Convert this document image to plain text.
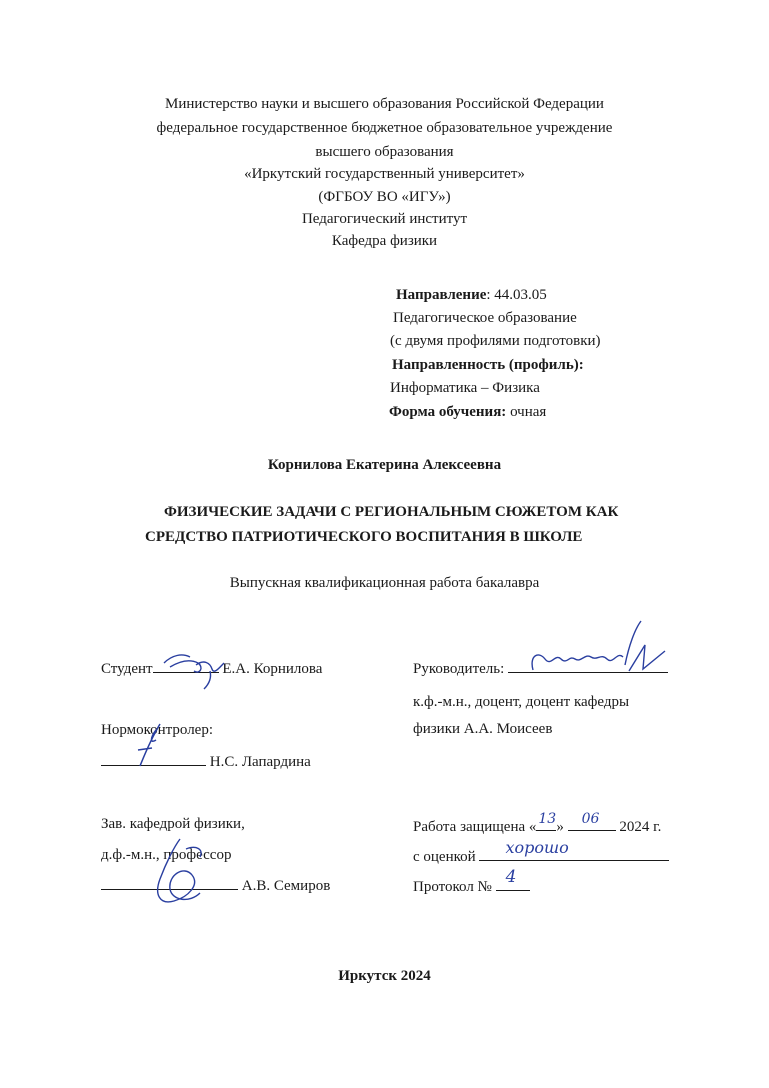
Министерство науки и высшего образования Российской Федерации
федеральное государственное бюджетное образовательное учреждение
высшего образования
«Иркутский государственный университет»
(ФГБОУ ВО «ИГУ»)
Педагогический институт
Кафедра физики
Направление: 44.03.05
Педагогическое образование
(с двумя профилями подготовки)
Направленность (профиль):
Информатика – Физика
Форма обучения: очная
Корнилова Екатерина Алексеевна
ФИЗИЧЕСКИЕ ЗАДАЧИ С РЕГИОНАЛЬНЫМ СЮЖЕТОМ КАК
СРЕДСТВО ПАТРИОТИЧЕСКОГО ВОСПИТАНИЯ В ШКОЛЕ
Выпускная квалификационная работа бакалавра
Студент	Е.А. Корнилова	Руководитель:
к.ф.-м.н., доцент, доцент кафедры
физики А.А. Моисеев
Нормоконтролер:
Н.С. Лапардина
Зав. кафедрой физики,
д.ф.-м.н., профессор
А.В. Семиров
Работа защищена « 13 » 06 2024 г.
с оценкой хорошо
Протокол № 4
Иркутск 2024
